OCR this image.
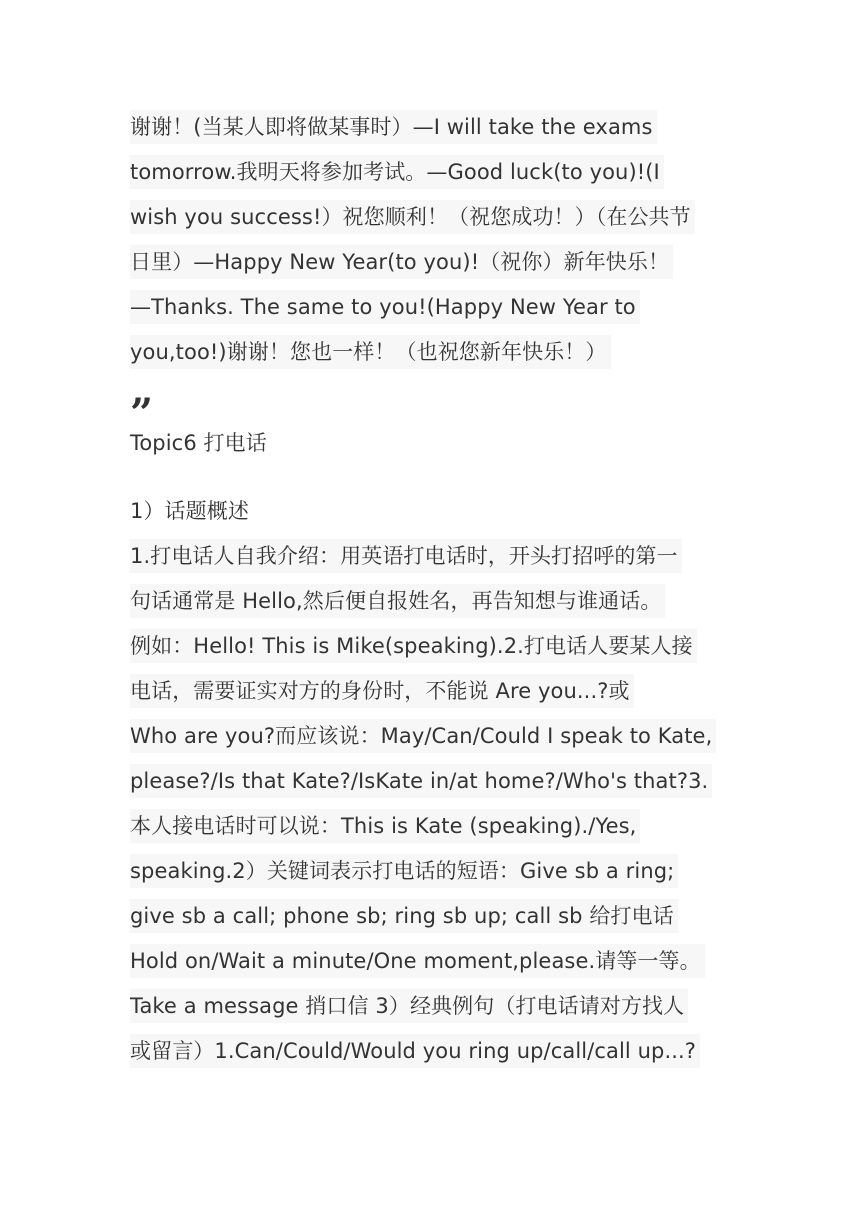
谢谢！(当某人即将做某事时）—I will take the exams
tomorrow.我明天将参加考试。—Good luck(to you)!(I
wish you success!）祝您顺利！（祝您成功！）（在公共节
日里）—Happy New Year(to you)!（祝你）新年快乐！
—Thanks. The same to you!(Happy New Year to
you,too!)谢谢！您也一样！（也祝您新年快乐！）
”
Topic6 打电话
1）话题概述
1.打电话人自我介绍：用英语打电话时，开头打招呼的第一
句话通常是 Hello,然后便自报姓名，再告知想与谁通话。
例如：Hello! This is Mike(speaking).2.打电话人要某人接
电话，需要证实对方的身份时，不能说 Are you...?或
Who are you?而应该说：May/Can/Could I speak to Kate,
please?/Is that Kate?/IsKate in/at home?/Who's that?3.
本人接电话时可以说：This is Kate (speaking)./Yes,
speaking.2）关键词表示打电话的短语：Give sb a ring;
give sb a call; phone sb; ring sb up; call sb 给打电话
Hold on/Wait a minute/One moment,please.请等一等。
Take a message 捎口信 3）经典例句（打电话请对方找人
或留言）1.Can/Could/Would you ring up/call/call up...?
